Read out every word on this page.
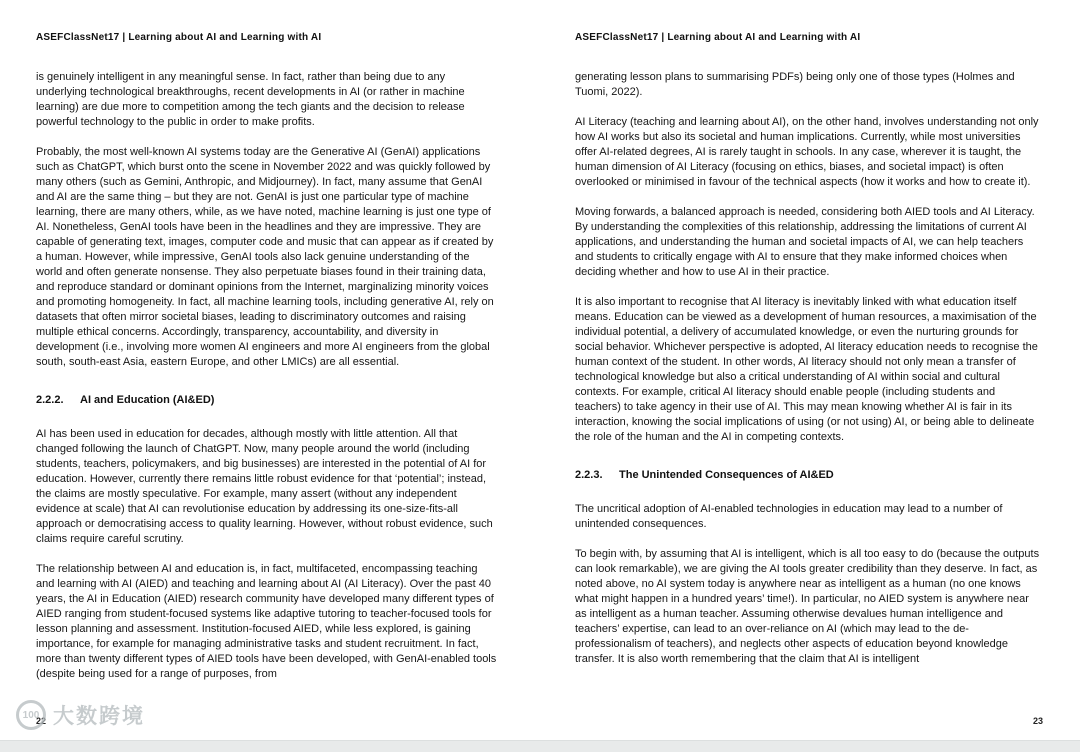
ASEFClassNet17 | Learning about AI and Learning with AI

is genuinely intelligent in any meaningful sense. In fact, rather than being due to any underlying technological breakthroughs, recent developments in AI (or rather in machine learning) are due more to competition among the tech giants and the decision to release powerful technology to the public in order to make profits.

Probably, the most well-known AI systems today are the Generative AI (GenAI) applications such as ChatGPT, which burst onto the scene in November 2022 and was quickly followed by many others (such as Gemini, Anthropic, and Midjourney). In fact, many assume that GenAI and AI are the same thing – but they are not. GenAI is just one particular type of machine learning, there are many others, while, as we have noted, machine learning is just one type of AI. Nonetheless, GenAI tools have been in the headlines and they are impressive. They are capable of generating text, images, computer code and music that can appear as if created by a human. However, while impressive, GenAI tools also lack genuine understanding of the world and often generate nonsense. They also perpetuate biases found in their training data, and reproduce standard or dominant opinions from the Internet, marginalizing minority voices and promoting homogeneity. In fact, all machine learning tools, including generative AI, rely on datasets that often mirror societal biases, leading to discriminatory outcomes and raising multiple ethical concerns. Accordingly, transparency, accountability, and diversity in development (i.e., involving more women AI engineers and more AI engineers from the global south, south-east Asia, eastern Europe, and other LMICs) are all essential.

2.2.2. AI and Education (AI&ED)

AI has been used in education for decades, although mostly with little attention. All that changed following the launch of ChatGPT. Now, many people around the world (including students, teachers, policymakers, and big businesses) are interested in the potential of AI for education. However, currently there remains little robust evidence for that ‘potential’; instead, the claims are mostly speculative. For example, many assert (without any independent evidence at scale) that AI can revolutionise education by addressing its one-size-fits-all approach or democratising access to quality learning. However, without robust evidence, such claims require careful scrutiny.

The relationship between AI and education is, in fact, multifaceted, encompassing teaching and learning with AI (AIED) and teaching and learning about AI (AI Literacy). Over the past 40 years, the AI in Education (AIED) research community have developed many different types of AIED ranging from student-focused systems like adaptive tutoring to teacher-focused tools for lesson planning and assessment. Institution-focused AIED, while less explored, is gaining importance, for example for managing administrative tasks and student recruitment. In fact, more than twenty different types of AIED tools have been developed, with GenAI-enabled tools (despite being used for a range of purposes, from

22
ASEFClassNet17 | Learning about AI and Learning with AI

generating lesson plans to summarising PDFs) being only one of those types (Holmes and Tuomi, 2022).

AI Literacy (teaching and learning about AI), on the other hand, involves understanding not only how AI works but also its societal and human implications. Currently, while most universities offer AI-related degrees, AI is rarely taught in schools. In any case, wherever it is taught, the human dimension of AI Literacy (focusing on ethics, biases, and societal impact) is often overlooked or minimised in favour of the technical aspects (how it works and how to create it).

Moving forwards, a balanced approach is needed, considering both AIED tools and AI Literacy. By understanding the complexities of this relationship, addressing the limitations of current AI applications, and understanding the human and societal impacts of AI, we can help teachers and students to critically engage with AI to ensure that they make informed choices when deciding whether and how to use AI in their practice.

It is also important to recognise that AI literacy is inevitably linked with what education itself means. Education can be viewed as a development of human resources, a maximisation of the individual potential, a delivery of accumulated knowledge, or even the nurturing grounds for social behavior. Whichever perspective is adopted, AI literacy education needs to recognise the human context of the student. In other words, AI literacy should not only mean a transfer of technological knowledge but also a critical understanding of AI within social and cultural contexts. For example, critical AI literacy should enable people (including students and teachers) to take agency in their use of AI. This may mean knowing whether AI is fair in its interaction, knowing the social implications of using (or not using) AI, or being able to delineate the role of the human and the AI in competing contexts.

2.2.3. The Unintended Consequences of AI&ED

The uncritical adoption of AI-enabled technologies in education may lead to a number of unintended consequences.

To begin with, by assuming that AI is intelligent, which is all too easy to do (because the outputs can look remarkable), we are giving the AI tools greater credibility than they deserve. In fact, as noted above, no AI system today is anywhere near as intelligent as a human (no one knows what might happen in a hundred years’ time!). In particular, no AIED system is anywhere near as intelligent as a human teacher. Assuming otherwise devalues human intelligence and teachers’ expertise, can lead to an over-reliance on AI (which may lead to the de-professionalism of teachers), and neglects other aspects of education beyond knowledge transfer. It is also worth remembering that the claim that AI is intelligent

23
100 大数跨境
